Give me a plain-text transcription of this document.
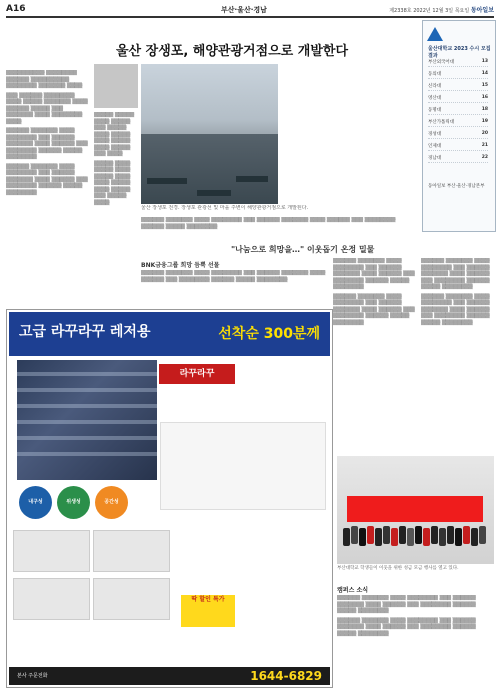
A16	부산·울산·경남	제2338호 2022년 12월 3일 목요일 동아일보
울산 장생포, 해양관광거점으로 개발한다
▒▒▒▒▒▒▒▒▒▒ ▒▒▒▒▒▒▒▒ ▒▒▒▒▒▒ ▒▒▒▒▒▒▒▒▒▒ ▒▒▒▒▒▒▒▒ ▒▒▒▒▒▒▒ ▒▒▒▒
▒▒▒ ▒▒▒▒▒▒ ▒▒▒▒▒▒▒▒ ▒▒▒▒ ▒▒▒▒▒ ▒▒▒▒▒▒▒ ▒▒▒▒ ▒▒▒▒▒▒ ▒▒▒▒▒ ▒▒▒ ▒▒▒▒▒▒▒ ▒▒▒▒ ▒▒▒▒▒▒▒▒ ▒▒▒▒
▒▒▒▒▒▒ ▒▒▒▒▒▒▒ ▒▒▒▒ ▒▒▒▒▒▒▒▒ ▒▒▒ ▒▒▒▒▒▒ ▒▒▒▒▒▒▒ ▒▒▒▒ ▒▒▒▒▒▒ ▒▒▒ ▒▒▒▒▒▒▒▒ ▒▒▒▒▒▒ ▒▒▒▒▒ ▒▒▒▒▒▒▒▒
▒▒▒▒▒▒ ▒▒▒▒▒▒▒ ▒▒▒▒ ▒▒▒▒▒▒▒▒ ▒▒▒ ▒▒▒▒▒▒ ▒▒▒▒▒▒▒ ▒▒▒▒ ▒▒▒▒▒▒ ▒▒▒ ▒▒▒▒▒▒▒▒ ▒▒▒▒▒▒ ▒▒▒▒▒ ▒▒▒▒▒▒▒▒
▒▒▒▒▒ ▒▒▒▒▒ ▒▒▒▒ ▒▒▒▒▒ ▒▒▒ ▒▒▒▒▒ ▒▒▒▒ ▒▒▒▒▒ ▒▒▒▒ ▒▒▒▒▒ ▒▒▒▒ ▒▒▒▒▒ ▒▒▒ ▒▒▒▒
▒▒▒▒▒ ▒▒▒▒ ▒▒▒▒▒ ▒▒▒▒ ▒▒▒▒▒ ▒▒▒▒ ▒▒▒▒ ▒▒▒▒▒ ▒▒▒▒ ▒▒▒▒▒ ▒▒▒ ▒▒▒▒▒ ▒▒▒▒
울산 장생포 전경. 장생포 관광선 및 마을 주변이 해양관광거점으로 개발된다.
▒▒▒▒▒▒ ▒▒▒▒▒▒▒ ▒▒▒▒ ▒▒▒▒▒▒▒▒ ▒▒▒ ▒▒▒▒▒▒ ▒▒▒▒▒▒▒ ▒▒▒▒ ▒▒▒▒▒▒ ▒▒▒ ▒▒▒▒▒▒▒▒ ▒▒▒▒▒▒ ▒▒▒▒▒ ▒▒▒▒▒▒▒▒
울산대학교 2023 수시 모집 결과
부산외국어대	13
동의대	14
신라대	15
영산대	16
동명대	18
부산가톨릭대	19
경성대	20
인제대	21
경남대	22
동아일보 부산·울산·경남본부
"나눔으로 희망을…" 이웃돕기 온정 밀물
BNK금융그룹 희망 듬뿍 선물
▒▒▒▒▒▒ ▒▒▒▒▒▒▒ ▒▒▒▒ ▒▒▒▒▒▒▒▒ ▒▒▒ ▒▒▒▒▒▒ ▒▒▒▒▒▒▒ ▒▒▒▒ ▒▒▒▒▒▒ ▒▒▒ ▒▒▒▒▒▒▒▒ ▒▒▒▒▒▒ ▒▒▒▒▒ ▒▒▒▒▒▒▒▒
▒▒▒▒▒▒ ▒▒▒▒▒▒▒ ▒▒▒▒ ▒▒▒▒▒▒▒▒ ▒▒▒ ▒▒▒▒▒▒ ▒▒▒▒▒▒▒ ▒▒▒▒ ▒▒▒▒▒▒ ▒▒▒ ▒▒▒▒▒▒▒▒ ▒▒▒▒▒▒ ▒▒▒▒▒ ▒▒▒▒▒▒▒▒
▒▒▒▒▒▒ ▒▒▒▒▒▒▒ ▒▒▒▒ ▒▒▒▒▒▒▒▒ ▒▒▒ ▒▒▒▒▒▒ ▒▒▒▒▒▒▒ ▒▒▒▒ ▒▒▒▒▒▒ ▒▒▒ ▒▒▒▒▒▒▒▒ ▒▒▒▒▒▒ ▒▒▒▒▒ ▒▒▒▒▒▒▒▒
▒▒▒▒▒▒ ▒▒▒▒▒▒▒ ▒▒▒▒ ▒▒▒▒▒▒▒▒ ▒▒▒ ▒▒▒▒▒▒ ▒▒▒▒▒▒▒ ▒▒▒▒ ▒▒▒▒▒▒ ▒▒▒ ▒▒▒▒▒▒▒▒ ▒▒▒▒▒▒ ▒▒▒▒▒ ▒▒▒▒▒▒▒▒
▒▒▒▒▒▒ ▒▒▒▒▒▒▒ ▒▒▒▒ ▒▒▒▒▒▒▒▒ ▒▒▒ ▒▒▒▒▒▒ ▒▒▒▒▒▒▒ ▒▒▒▒ ▒▒▒▒▒▒ ▒▒▒ ▒▒▒▒▒▒▒▒ ▒▒▒▒▒▒ ▒▒▒▒▒ ▒▒▒▒▒▒▒▒
고급 라꾸라꾸 레저용	선착순 300분께
라꾸라꾸
내구성	위생성	공간성
딱 할인 특가
본사 주문전화	1644-6829
부산대학교 학생들이 이웃을 위한 성금 모금 행사를 열고 있다.
캠퍼스 소식
▒▒▒▒▒▒ ▒▒▒▒▒▒▒ ▒▒▒▒ ▒▒▒▒▒▒▒▒ ▒▒▒ ▒▒▒▒▒▒ ▒▒▒▒▒▒▒ ▒▒▒▒ ▒▒▒▒▒▒ ▒▒▒ ▒▒▒▒▒▒▒▒ ▒▒▒▒▒▒ ▒▒▒▒▒ ▒▒▒▒▒▒▒▒
▒▒▒▒▒▒ ▒▒▒▒▒▒▒ ▒▒▒▒ ▒▒▒▒▒▒▒▒ ▒▒▒ ▒▒▒▒▒▒ ▒▒▒▒▒▒▒ ▒▒▒▒ ▒▒▒▒▒▒ ▒▒▒ ▒▒▒▒▒▒▒▒ ▒▒▒▒▒▒ ▒▒▒▒▒ ▒▒▒▒▒▒▒▒
